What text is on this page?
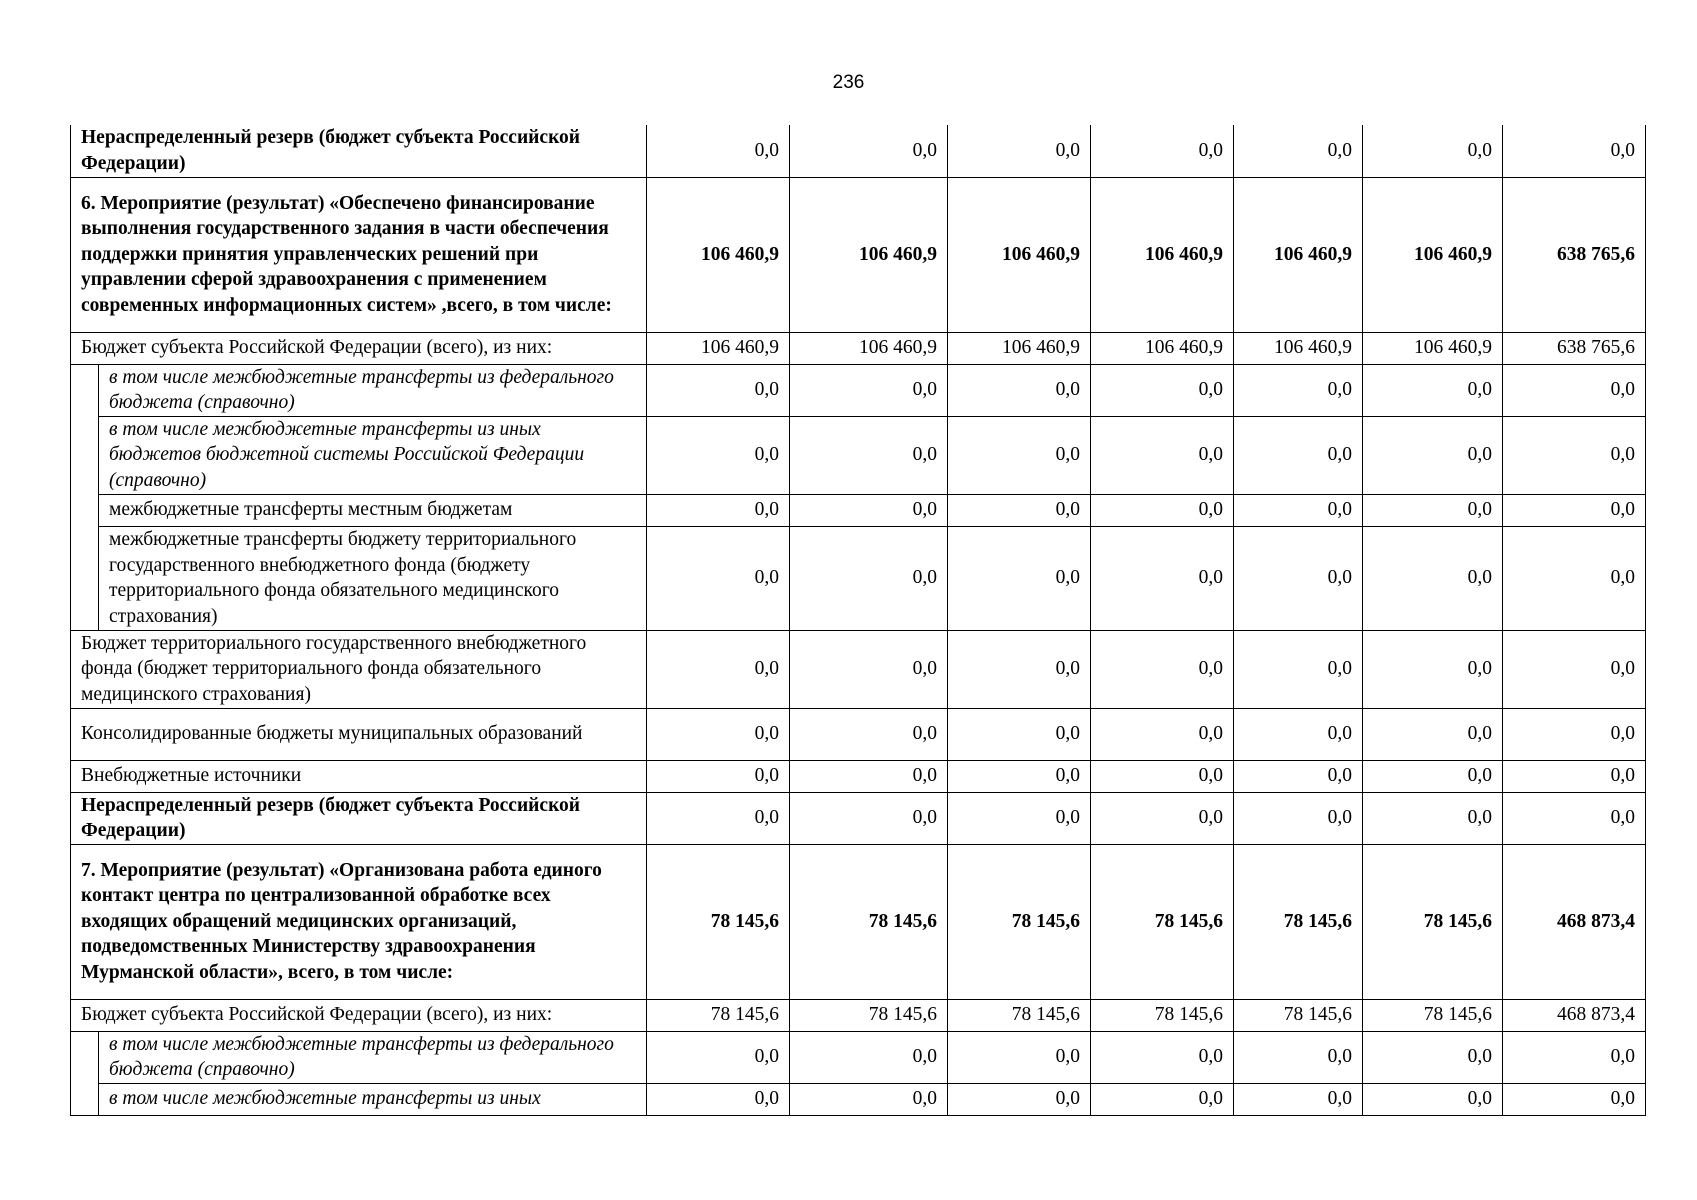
236
Нераспределенный резерв (бюджет субъекта Российской Федерации)		0,0	0,0	0,0	0,0	0,0	0,0	0,0
6. Мероприятие (результат) «Обеспечено финансирование выполнения государственного задания в части обеспечения поддержки принятия управленческих решений при управлении сферой здравоохранения с применением современных информационных систем» ,всего, в том числе:		106 460,9	106 460,9	106 460,9	106 460,9	106 460,9	106 460,9	638 765,6
Бюджет субъекта Российской Федерации (всего), из них:		106 460,9	106 460,9	106 460,9	106 460,9	106 460,9	106 460,9	638 765,6
	в том числе межбюджетные трансферты из федерального бюджета (справочно)	0,0	0,0	0,0	0,0	0,0	0,0	0,0
	в том числе межбюджетные трансферты из иных бюджетов бюджетной системы Российской Федерации (справочно)	0,0	0,0	0,0	0,0	0,0	0,0	0,0
	межбюджетные трансферты местным бюджетам	0,0	0,0	0,0	0,0	0,0	0,0	0,0
	межбюджетные трансферты бюджету территориального государственного внебюджетного фонда (бюджету территориального фонда обязательного медицинского страхования)	0,0	0,0	0,0	0,0	0,0	0,0	0,0
Бюджет территориального государственного внебюджетного фонда (бюджет территориального фонда обязательного медицинского страхования)		0,0	0,0	0,0	0,0	0,0	0,0	0,0
Консолидированные бюджеты муниципальных образований		0,0	0,0	0,0	0,0	0,0	0,0	0,0
Внебюджетные источники		0,0	0,0	0,0	0,0	0,0	0,0	0,0
Нераспределенный резерв (бюджет субъекта Российской Федерации)		0,0	0,0	0,0	0,0	0,0	0,0	0,0
7. Мероприятие (результат) «Организована работа единого контакт центра по централизованной обработке всех входящих обращений медицинских организаций, подведомственных Министерству здравоохранения Мурманской области», всего, в том числе:		78 145,6	78 145,6	78 145,6	78 145,6	78 145,6	78 145,6	468 873,4
Бюджет субъекта Российской Федерации (всего), из них:		78 145,6	78 145,6	78 145,6	78 145,6	78 145,6	78 145,6	468 873,4
	в том числе межбюджетные трансферты из федерального бюджета (справочно)	0,0	0,0	0,0	0,0	0,0	0,0	0,0
	в том числе межбюджетные трансферты из иных	0,0	0,0	0,0	0,0	0,0	0,0	0,0
